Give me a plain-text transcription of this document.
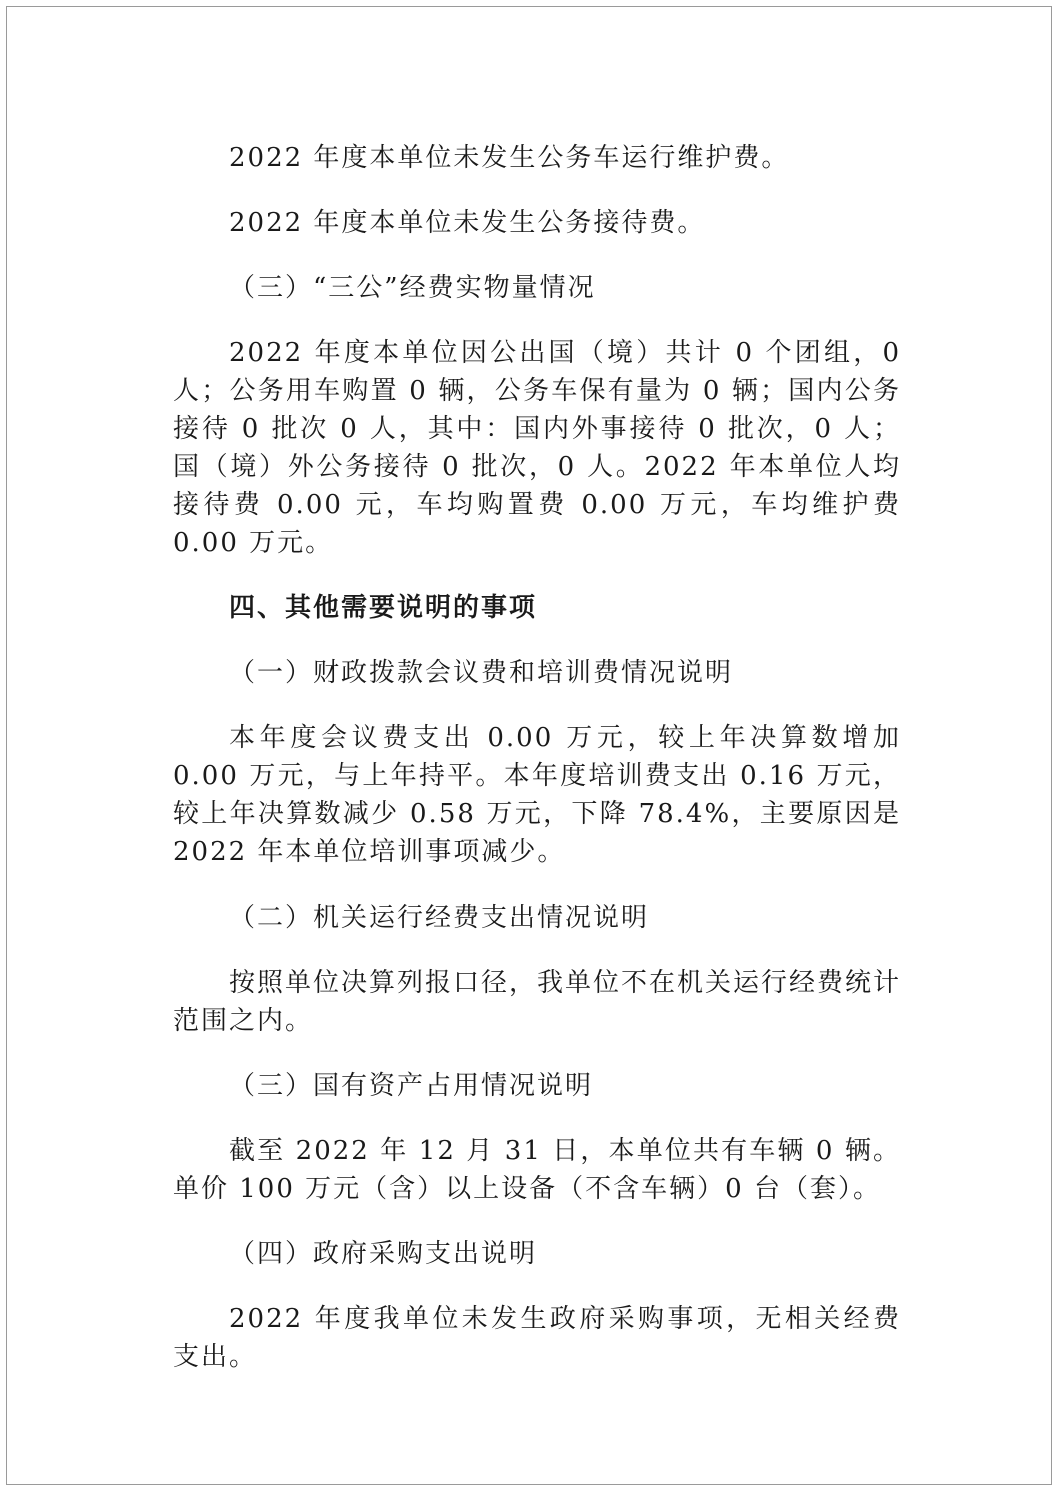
2022 年度本单位未发生公务车运行维护费。

2022 年度本单位未发生公务接待费。

（三）“三公”经费实物量情况

2022 年度本单位因公出国（境）共计 0 个团组，0 人；公务用车购置 0 辆，公务车保有量为 0 辆；国内公务接待 0 批次 0 人，其中：国内外事接待 0 批次，0 人；国（境）外公务接待 0 批次，0 人。2022 年本单位人均接待费 0.00 元，车均购置费 0.00 万元，车均维护费 0.00 万元。

四、其他需要说明的事项

（一）财政拨款会议费和培训费情况说明

本年度会议费支出 0.00 万元，较上年决算数增加 0.00 万元，与上年持平。本年度培训费支出 0.16 万元，较上年决算数减少 0.58 万元，下降 78.4%，主要原因是 2022 年本单位培训事项减少。

（二）机关运行经费支出情况说明

按照单位决算列报口径，我单位不在机关运行经费统计范围之内。

（三）国有资产占用情况说明

截至 2022 年 12 月 31 日，本单位共有车辆 0 辆。单价 100 万元（含）以上设备（不含车辆）0 台（套）。

（四）政府采购支出说明

2022 年度我单位未发生政府采购事项，无相关经费支出。
